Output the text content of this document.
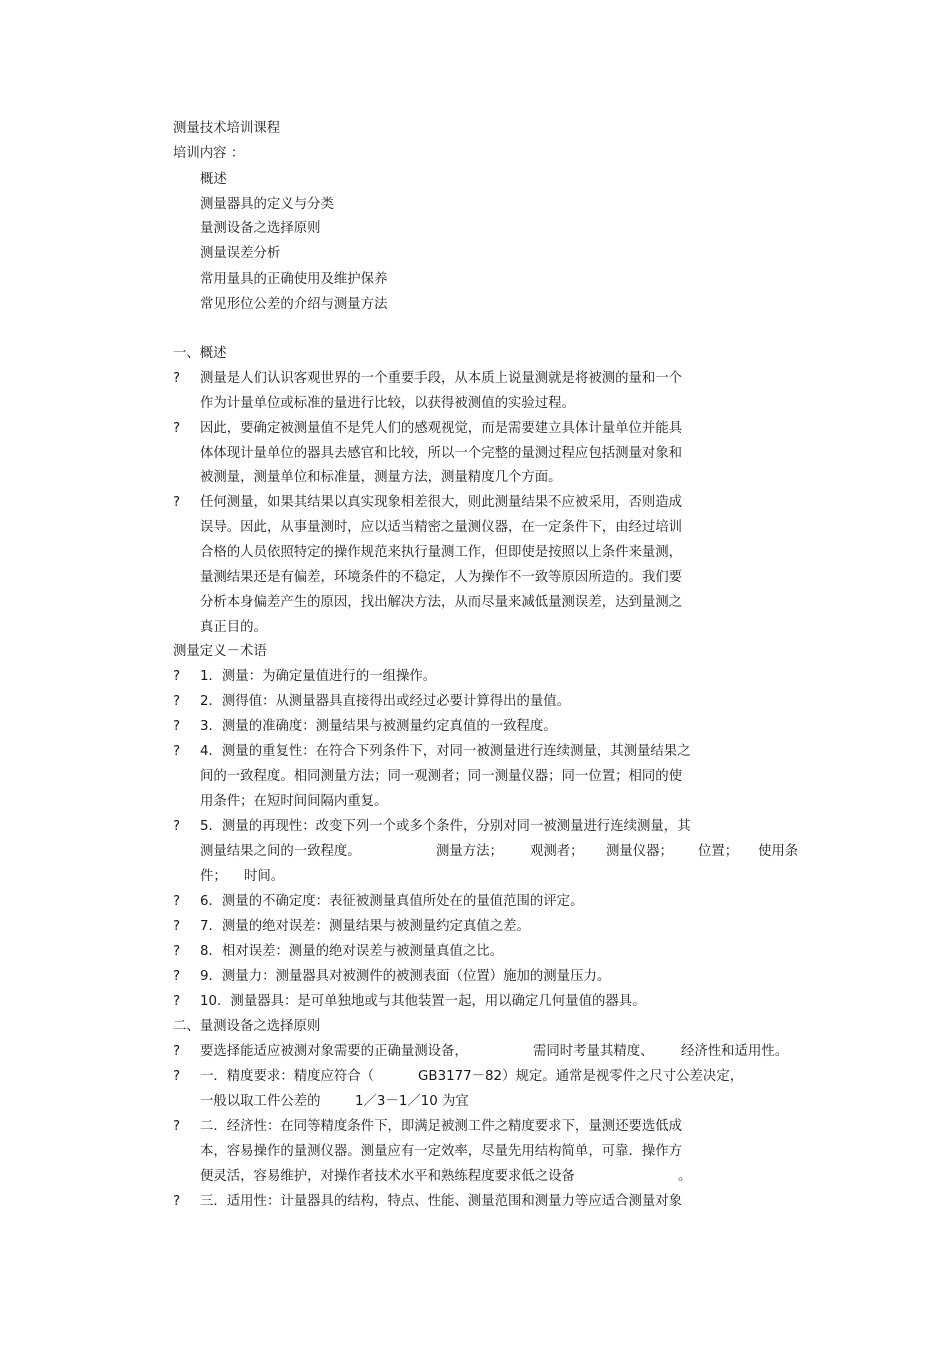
测量技术培训课程
培训内容 ：
概述
测量器具的定义与分类
量测设备之选择原则
测量误差分析
常用量具的正确使用及维护保养
常见形位公差的介绍与测量方法
一、概述
? 测量是人们认识客观世界的一个重要手段，从本质上说量测就是将被测的量和一个
作为计量单位或标准的量进行比较，以获得被测值的实验过程。
? 因此，要确定被测量值不是凭人们的感观视觉，而是需要建立具体计量单位并能具
体体现计量单位的器具去感官和比较，所以一个完整的量测过程应包括测量对象和
被测量，测量单位和标准量，测量方法，测量精度几个方面。
? 任何测量，如果其结果以真实现象相差很大，则此测量结果不应被采用，否则造成
误导。因此，从事量测时，应以适当精密之量测仪器，在一定条件下，由经过培训
合格的人员依照特定的操作规范来执行量测工作，但即使是按照以上条件来量测，
量测结果还是有偏差，环境条件的不稳定，人为操作不一致等原因所造的。我们要
分析本身偏差产生的原因，找出解决方法，从而尽量来减低量测误差，达到量测之
真正目的。
测量定义－术语
? 1．测量：为确定量值进行的一组操作。
? 2．测得值：从测量器具直接得出或经过必要计算得出的量值。
? 3．测量的准确度：测量结果与被测量约定真值的一致程度。
? 4．测量的重复性：在符合下列条件下，对同一被测量进行连续测量，其测量结果之
间的一致程度。相同测量方法；同一观测者；同一测量仪器；同一位置；相同的使
用条件；在短时间间隔内重复。
? 5．测量的再现性：改变下列一个或多个条件，分别对同一被测量进行连续测量，其
测量结果之间的一致程度。	测量方法； 观测者； 测量仪器； 位置； 使用条
件； 时间。
? 6．测量的不确定度：表征被测量真值所处在的量值范围的评定。
? 7．测量的绝对误差：测量结果与被测量约定真值之差。
? 8．相对误差：测量的绝对误差与被测量真值之比。
? 9．测量力：测量器具对被测件的被测表面（位置）施加的测量压力。
? 10．测量器具：是可单独地或与其他装置一起，用以确定几何量值的器具。
二、量测设备之选择原则
? 要选择能适应被测对象需要的正确量测设备，	需同时考量其精度、 经济性和适用性。
? 一．精度要求：精度应符合（	GB3177－82）规定。通常是视零件之尺寸公差决定，
一般以取工件公差的	1／3－1／10 为宜
? 二．经济性：在同等精度条件下，即满足被测工件之精度要求下，量测还要选低成
本，容易操作的量测仪器。测量应有一定效率，尽量先用结构简单，可靠．操作方
便灵活，容易维护，对操作者技术水平和熟练程度要求低之设备	。
? 三．适用性：计量器具的结构，特点、性能、测量范围和测量力等应适合测量对象
